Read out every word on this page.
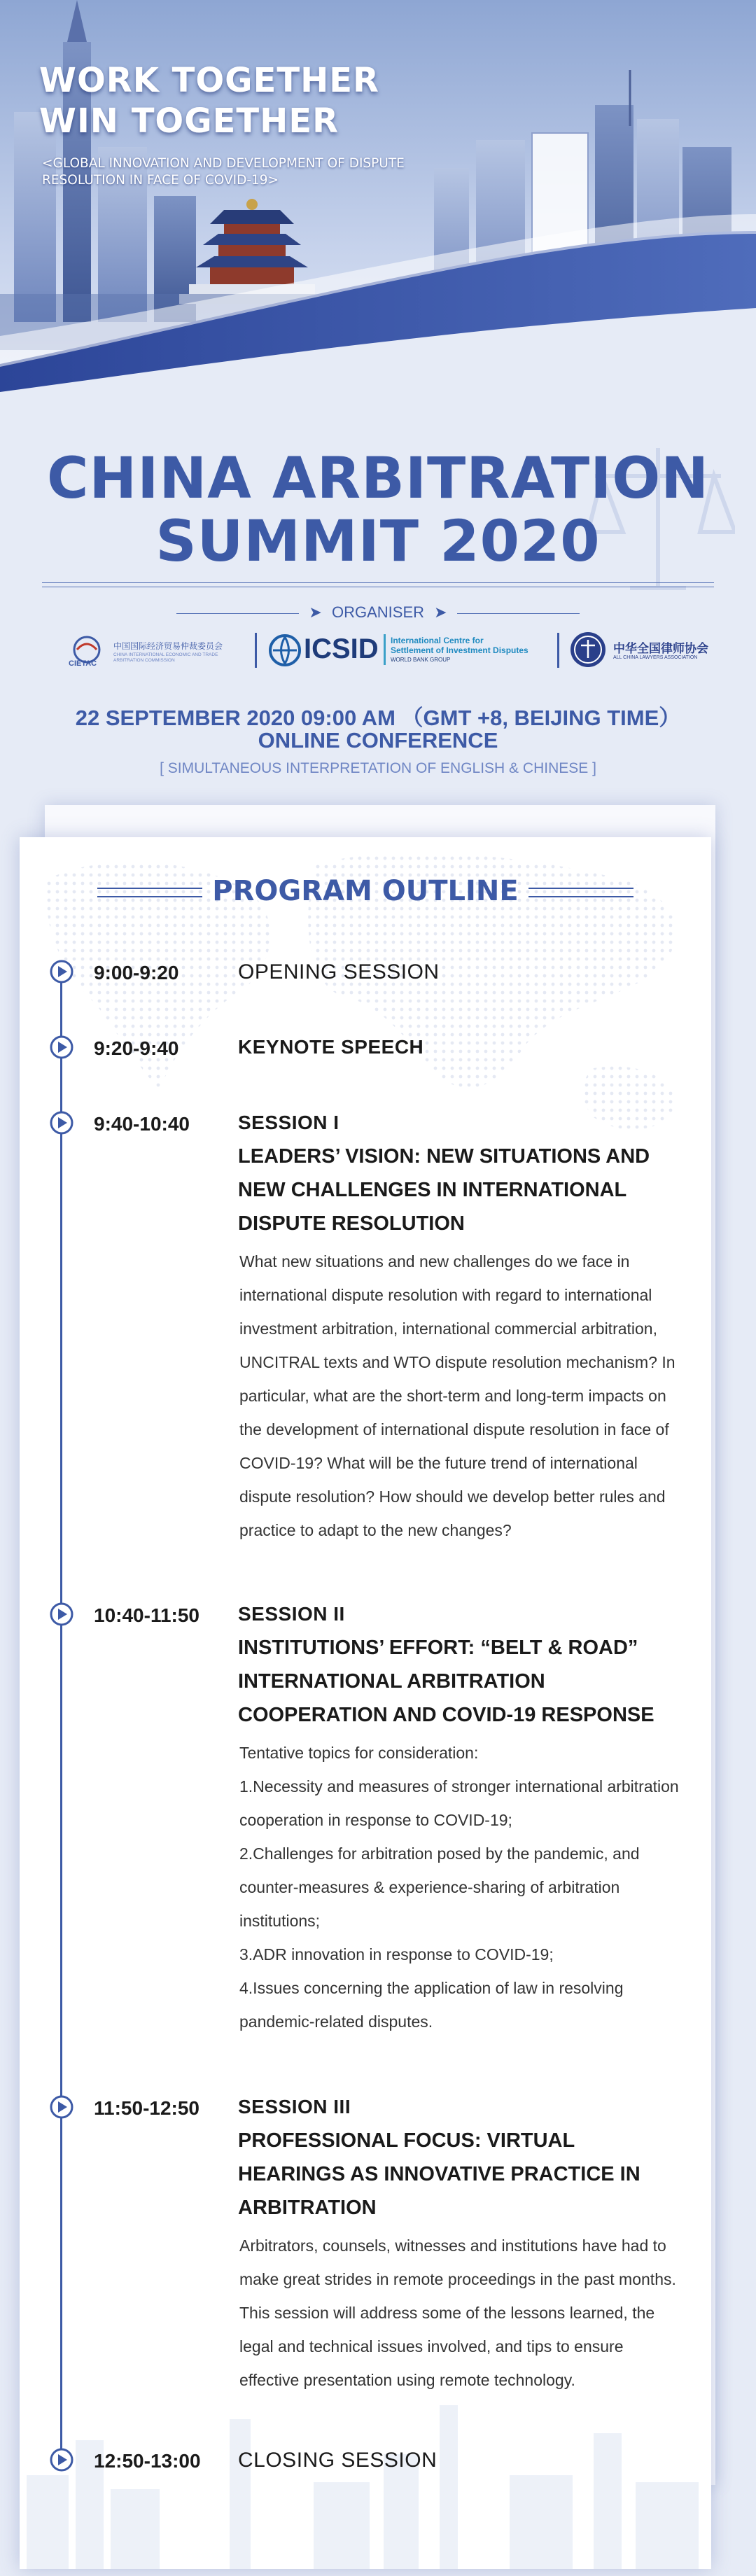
WORK TOGETHER
WIN TOGETHER
<GLOBAL INNOVATION AND DEVELOPMENT OF DISPUTE RESOLUTION IN FACE OF COVID-19>
CHINA ARBITRATION
SUMMIT 2020
➤ ORGANISER ➤
CIETAC
中国国际经济贸易仲裁委员会
CHINA INTERNATIONAL ECONOMIC AND TRADE ARBITRATION COMMISSION	ICSID International Centre for
Settlement of Investment Disputes
WORLD BANK GROUP
中华全国律师协会
ALL CHINA LAWYERS ASSOCIATION
22 SEPTEMBER 2020 09:00 AM （GMT +8, BEIJING TIME）
ONLINE CONFERENCE
[ SIMULTANEOUS INTERPRETATION OF ENGLISH & CHINESE ]
PROGRAM OUTLINE
9:00-9:20	OPENING SESSION
9:20-9:40	KEYNOTE SPEECH
9:40-10:40 SESSION I
LEADERS’ VISION: NEW SITUATIONS AND NEW CHALLENGES IN INTERNATIONAL DISPUTE RESOLUTION
What new situations and new challenges do we face in international dispute resolution with regard to international investment arbitration, international commercial arbitration, UNCITRAL texts and WTO dispute resolution mechanism? In particular, what are the short-term and long-term impacts on the development of international dispute resolution in face of COVID-19? What will be the future trend of international dispute resolution? How should we develop better rules and practice to adapt to the new changes?
10:40-11:50 SESSION II
INSTITUTIONS’ EFFORT: “BELT & ROAD” INTERNATIONAL ARBITRATION COOPERATION AND COVID-19 RESPONSE

Tentative topics for consideration:

1.Necessity and measures of stronger international arbitration cooperation in response to COVID-19;

2.Challenges for arbitration posed by the pandemic, and counter-measures & experience-sharing of arbitration institutions;

3.ADR innovation in response to COVID-19;

4.Issues concerning the application of law in resolving pandemic-related disputes.

11:50-12:50 SESSION III
PROFESSIONAL FOCUS: VIRTUAL HEARINGS AS INNOVATIVE PRACTICE IN ARBITRATION
Arbitrators, counsels, witnesses and institutions have had to make great strides in remote proceedings in the past months. This session will address some of the lessons learned, the legal and technical issues involved, and tips to ensure effective presentation using remote technology.
12:50-13:00 CLOSING SESSION
